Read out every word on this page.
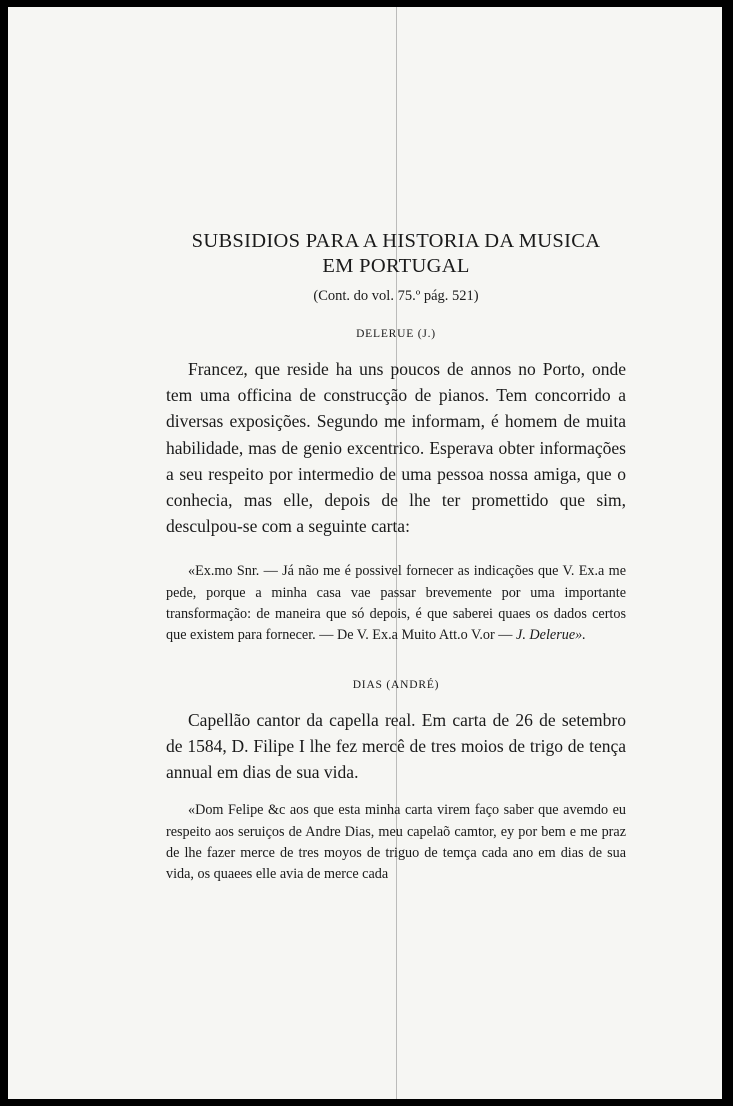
SUBSIDIOS PARA A HISTORIA DA MUSICA
EM PORTUGAL

(Cont. do vol. 75.º pág. 521)

DELERUE (J.)

Francez, que reside ha uns poucos de annos no Porto, onde tem uma officina de construcção de pianos. Tem concorrido a diversas exposições. Segundo me informam, é homem de muita habilidade, mas de genio excentrico. Esperava obter informações a seu respeito por intermedio de uma pessoa nossa amiga, que o conhecia, mas elle, depois de lhe ter promettido que sim, desculpou-se com a seguinte carta:

«Ex.mo Snr. — Já não me é possivel fornecer as indicações que V. Ex.a me pede, porque a minha casa vae passar brevemente por uma importante transformação: de maneira que só depois, é que saberei quaes os dados certos que existem para fornecer. — De V. Ex.a Muito Att.o V.or — J. Delerue».

DIAS (ANDRÉ)

Capellão cantor da capella real. Em carta de 26 de setembro de 1584, D. Filipe I lhe fez mercê de tres moios de trigo de tença annual em dias de sua vida.

«Dom Felipe &c aos que esta minha carta virem faço saber que avemdo eu respeito aos seruiços de Andre Dias, meu capelaõ camtor, ey por bem e me praz de lhe fazer merce de tres moyos de triguo de temça cada ano em dias de sua vida, os quaees elle avia de merce cada
